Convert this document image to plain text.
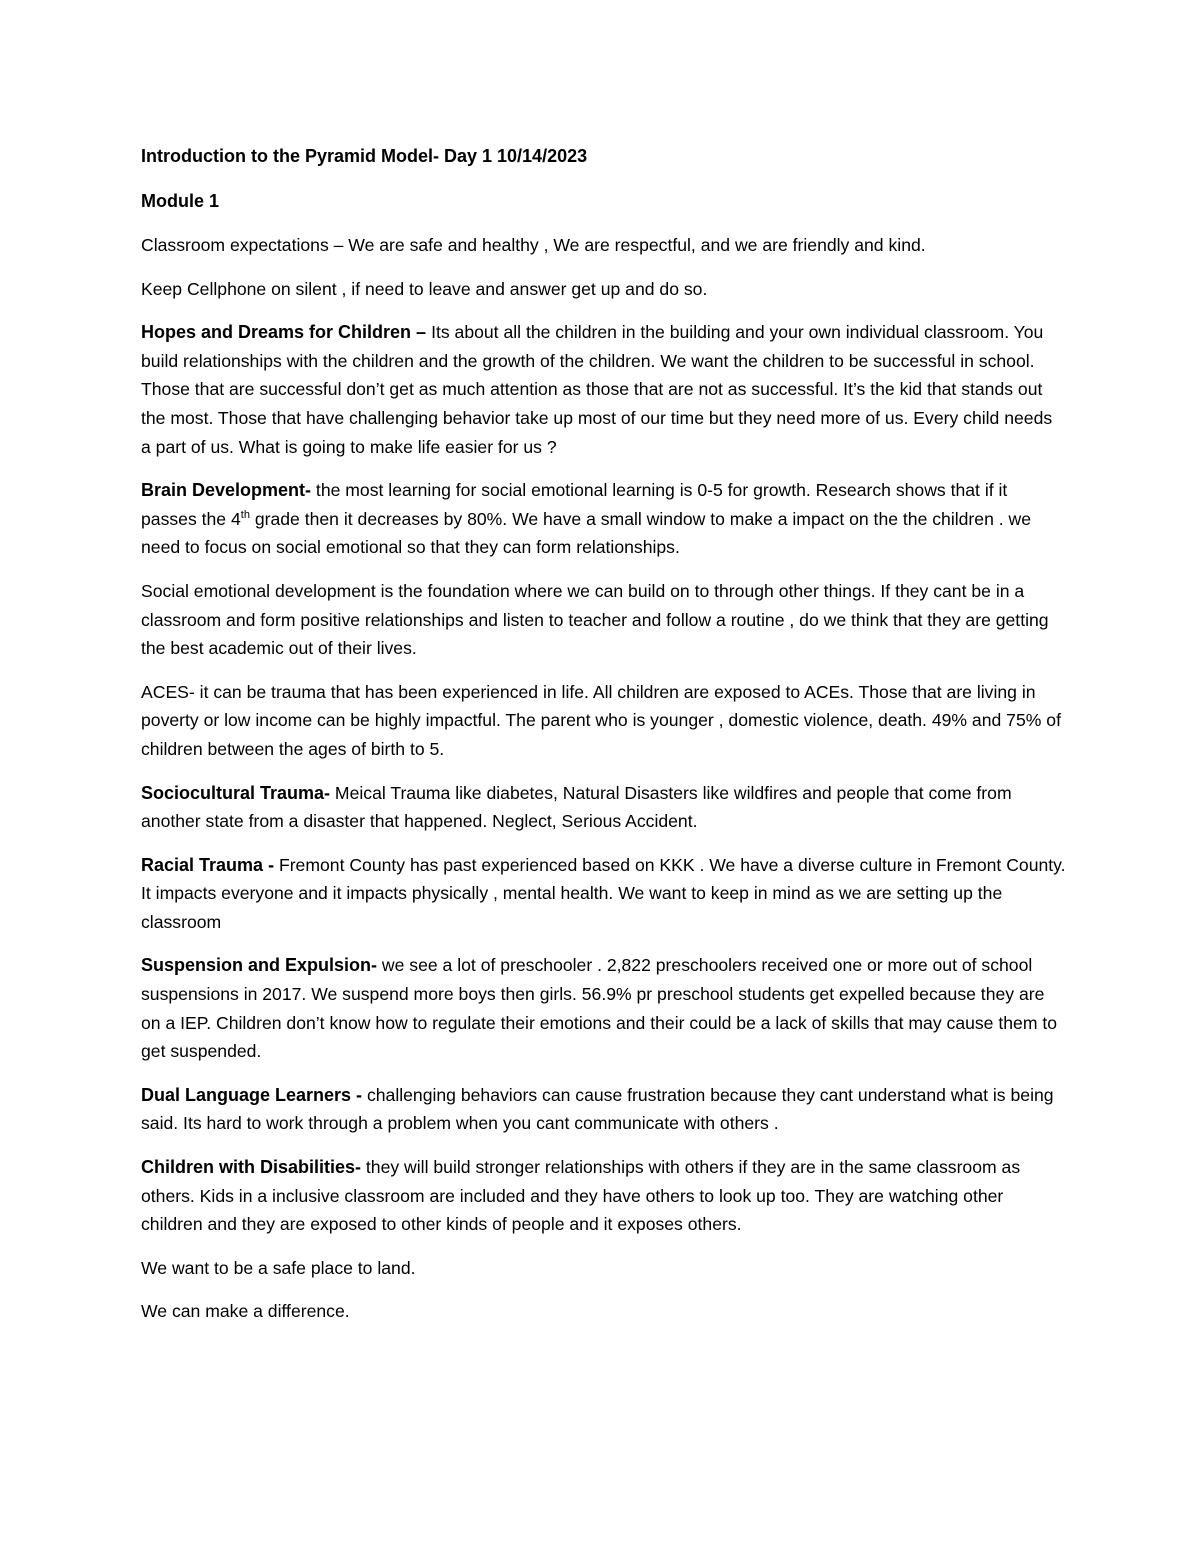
Introduction to the Pyramid Model- Day 1 10/14/2023
Module 1

Classroom expectations – We are safe and healthy , We are respectful, and we are friendly and kind.

Keep Cellphone on silent , if need to leave and answer get up and do so.

Hopes and Dreams for Children – Its about all the children in the building and your own individual classroom. You build relationships with the children and the growth of the children. We want the children to be successful in school. Those that are successful don’t get as much attention as those that are not as successful. It’s the kid that stands out the most. Those that have challenging behavior take up most of our time but they need more of us. Every child needs a part of us. What is going to make life easier for us ?

Brain Development- the most learning for social emotional learning is 0-5 for growth. Research shows that if it passes the 4th grade then it decreases by 80%. We have a small window to make a impact on the the children . we need to focus on social emotional so that they can form relationships.

Social emotional development is the foundation where we can build on to through other things. If they cant be in a classroom and form positive relationships and listen to teacher and follow a routine , do we think that they are getting the best academic out of their lives.

ACES- it can be trauma that has been experienced in life. All children are exposed to ACEs. Those that are living in poverty or low income can be highly impactful. The parent who is younger , domestic violence, death. 49% and 75% of children between the ages of birth to 5.

Sociocultural Trauma- Meical Trauma like diabetes, Natural Disasters like wildfires and people that come from another state from a disaster that happened. Neglect, Serious Accident.

Racial Trauma - Fremont County has past experienced based on KKK . We have a diverse culture in Fremont County. It impacts everyone and it impacts physically , mental health. We want to keep in mind as we are setting up the classroom

Suspension and Expulsion- we see a lot of preschooler . 2,822 preschoolers received one or more out of school suspensions in 2017. We suspend more boys then girls. 56.9% pr preschool students get expelled because they are on a IEP. Children don’t know how to regulate their emotions and their could be a lack of skills that may cause them to get suspended.

Dual Language Learners - challenging behaviors can cause frustration because they cant understand what is being said. Its hard to work through a problem when you cant communicate with others .

Children with Disabilities- they will build stronger relationships with others if they are in the same classroom as others. Kids in a inclusive classroom are included and they have others to look up too. They are watching other children and they are exposed to other kinds of people and it exposes others.

We want to be a safe place to land.

We can make a difference.
